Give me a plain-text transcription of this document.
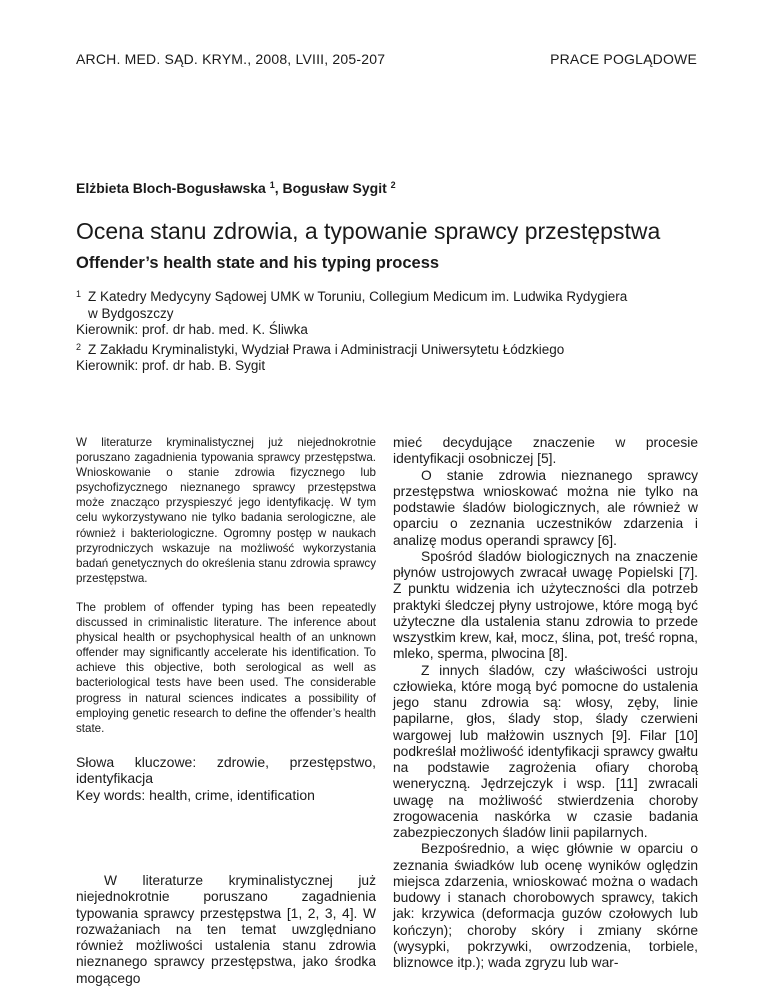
ARCH. MED. SĄD. KRYM., 2008, LVIII, 205-207	PRACE POGLĄDOWE
Elżbieta Bloch-Bogusławska $^1$, Bogusław Sygit $^2$
Ocena stanu zdrowia, a typowanie sprawcy przestępstwa
Offender’s health state and his typing process
1 Z Katedry Medycyny Sądowej UMK w Toruniu, Collegium Medicum im. Ludwika Rydygiera
w Bydgoszczy
Kierownik: prof. dr hab. med. K. Śliwka
2 Z Zakładu Kryminalistyki, Wydział Prawa i Administracji Uniwersytetu Łódzkiego
Kierownik: prof. dr hab. B. Sygit

W literaturze kryminalistycznej już niejednokrotnie poruszano zagadnienia typowania sprawcy przestępstwa. Wnioskowanie o stanie zdrowia fizycznego lub psychofizycznego nieznanego sprawcy przestępstwa może znacząco przyspieszyć jego identyfikację. W tym celu wykorzystywano nie tylko badania serologiczne, ale również i bakteriologiczne. Ogromny postęp w naukach przyrodniczych wskazuje na możliwość wykorzystania badań genetycznych do określenia stanu zdrowia sprawcy przestępstwa.

The problem of offender typing has been repeatedly discussed in criminalistic literature. The inference about physical health or psychophysical health of an unknown offender may significantly accelerate his identification. To achieve this objective, both serological as well as bacteriological tests have been used. The considerable progress in natural sciences indicates a possibility of employing genetic research to define the offender’s health state.

Słowa kluczowe: zdrowie, przestępstwo, identyfikacja
Key words: health, crime, identification

W literaturze kryminalistycznej już niejednokrotnie poruszano zagadnienia typowania sprawcy przestępstwa [1, 2, 3, 4]. W rozważaniach na ten temat uwzględniano również możliwości ustalenia stanu zdrowia nieznanego sprawcy przestępstwa, jako środka mogącego

mieć decydujące znaczenie w procesie identyfikacji osobniczej [5].

O stanie zdrowia nieznanego sprawcy przestępstwa wnioskować można nie tylko na podstawie śladów biologicznych, ale również w oparciu o zeznania uczestników zdarzenia i analizę modus operandi sprawcy [6].

Spośród śladów biologicznych na znaczenie płynów ustrojowych zwracał uwagę Popielski [7]. Z punktu widzenia ich użyteczności dla potrzeb praktyki śledczej płyny ustrojowe, które mogą być użyteczne dla ustalenia stanu zdrowia to przede wszystkim krew, kał, mocz, ślina, pot, treść ropna, mleko, sperma, plwocina [8].

Z innych śladów, czy właściwości ustroju człowieka, które mogą być pomocne do ustalenia jego stanu zdrowia są: włosy, zęby, linie papilarne, głos, ślady stop, ślady czerwieni wargowej lub małżowin usznych [9]. Filar [10] podkreślał możliwość identyfikacji sprawcy gwałtu na podstawie zagrożenia ofiary chorobą weneryczną. Jędrzejczyk i wsp. [11] zwracali uwagę na możliwość stwierdzenia choroby zrogowacenia naskórka w czasie badania zabezpieczonych śladów linii papilarnych.

Bezpośrednio, a więc głównie w oparciu o zeznania świadków lub ocenę wyników oględzin miejsca zdarzenia, wnioskować można o wadach budowy i stanach chorobowych sprawcy, takich jak: krzywica (deformacja guzów czołowych lub kończyn); choroby skóry i zmiany skórne (wysypki, pokrzywki, owrzodzenia, torbiele, bliznowce itp.); wada zgryzu lub war-
